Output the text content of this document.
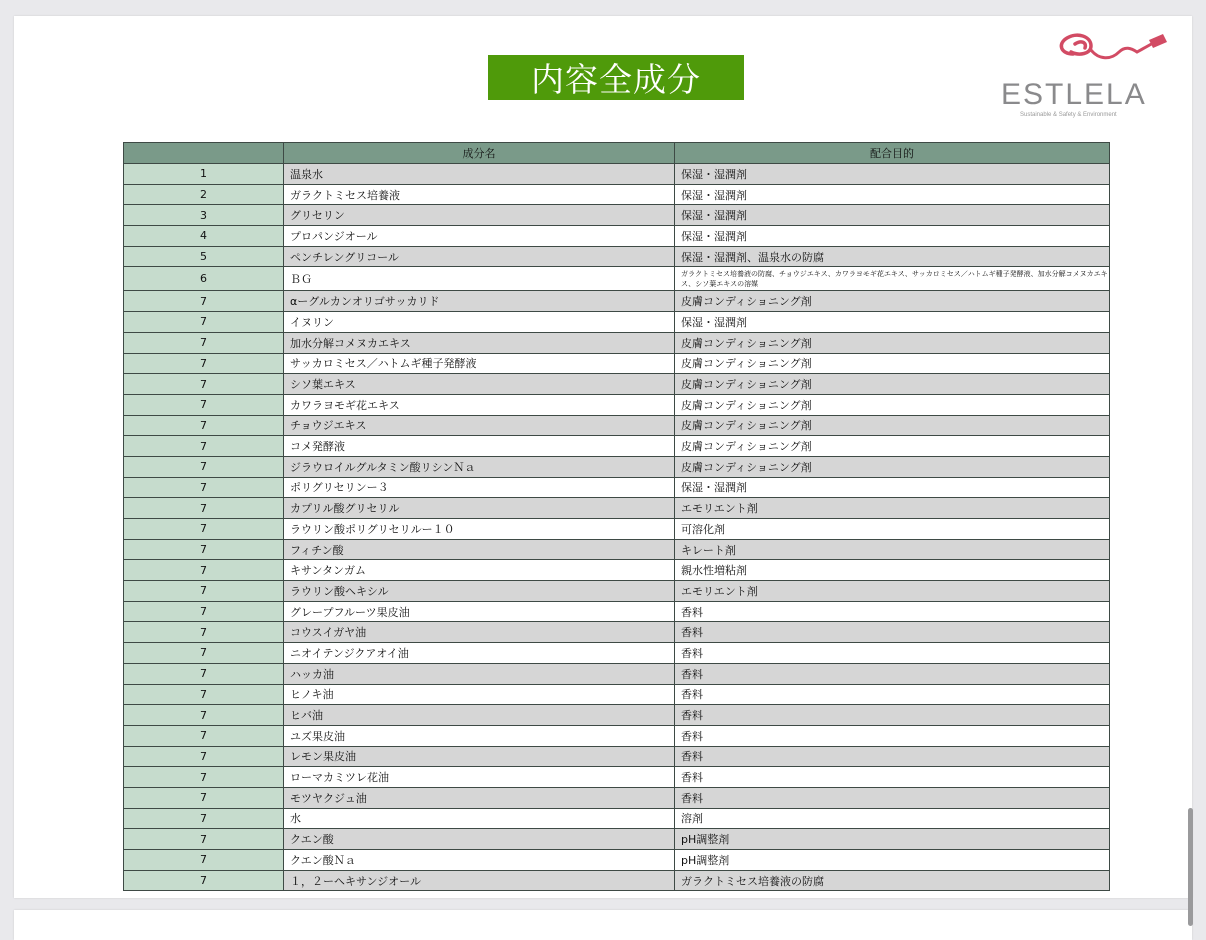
内容全成分	ESTLELA
Sustainable & Safety & Environment
	成分名	配合目的
1	温泉水	保湿・湿潤剤
2	ガラクトミセス培養液	保湿・湿潤剤
3	グリセリン	保湿・湿潤剤
4	プロパンジオール	保湿・湿潤剤
5	ペンチレングリコール	保湿・湿潤剤、温泉水の防腐
6	ＢＧ	ガラクトミセス培養液の防腐、チョウジエキス、カワラヨモギ花エキス、サッカロミセス／ハトムギ種子発酵液、加水分解コメヌカエキス、シソ葉エキスの溶媒
7	αーグルカンオリゴサッカリド	皮膚コンディショニング剤
7	イヌリン	保湿・湿潤剤
7	加水分解コメヌカエキス	皮膚コンディショニング剤
7	サッカロミセス／ハトムギ種子発酵液	皮膚コンディショニング剤
7	シソ葉エキス	皮膚コンディショニング剤
7	カワラヨモギ花エキス	皮膚コンディショニング剤
7	チョウジエキス	皮膚コンディショニング剤
7	コメ発酵液	皮膚コンディショニング剤
7	ジラウロイルグルタミン酸リシンＮａ	皮膚コンディショニング剤
7	ポリグリセリンー３	保湿・湿潤剤
7	カプリル酸グリセリル	エモリエント剤
7	ラウリン酸ポリグリセリルー１０	可溶化剤
7	フィチン酸	キレート剤
7	キサンタンガム	親水性増粘剤
7	ラウリン酸ヘキシル	エモリエント剤
7	グレープフルーツ果皮油	香料
7	コウスイガヤ油	香料
7	ニオイテンジクアオイ油	香料
7	ハッカ油	香料
7	ヒノキ油	香料
7	ヒバ油	香料
7	ユズ果皮油	香料
7	レモン果皮油	香料
7	ローマカミツレ花油	香料
7	モツヤクジュ油	香料
7	水	溶剤
7	クエン酸	pH調整剤
7	クエン酸Ｎａ	pH調整剤
7	１，２ーヘキサンジオール	ガラクトミセス培養液の防腐
